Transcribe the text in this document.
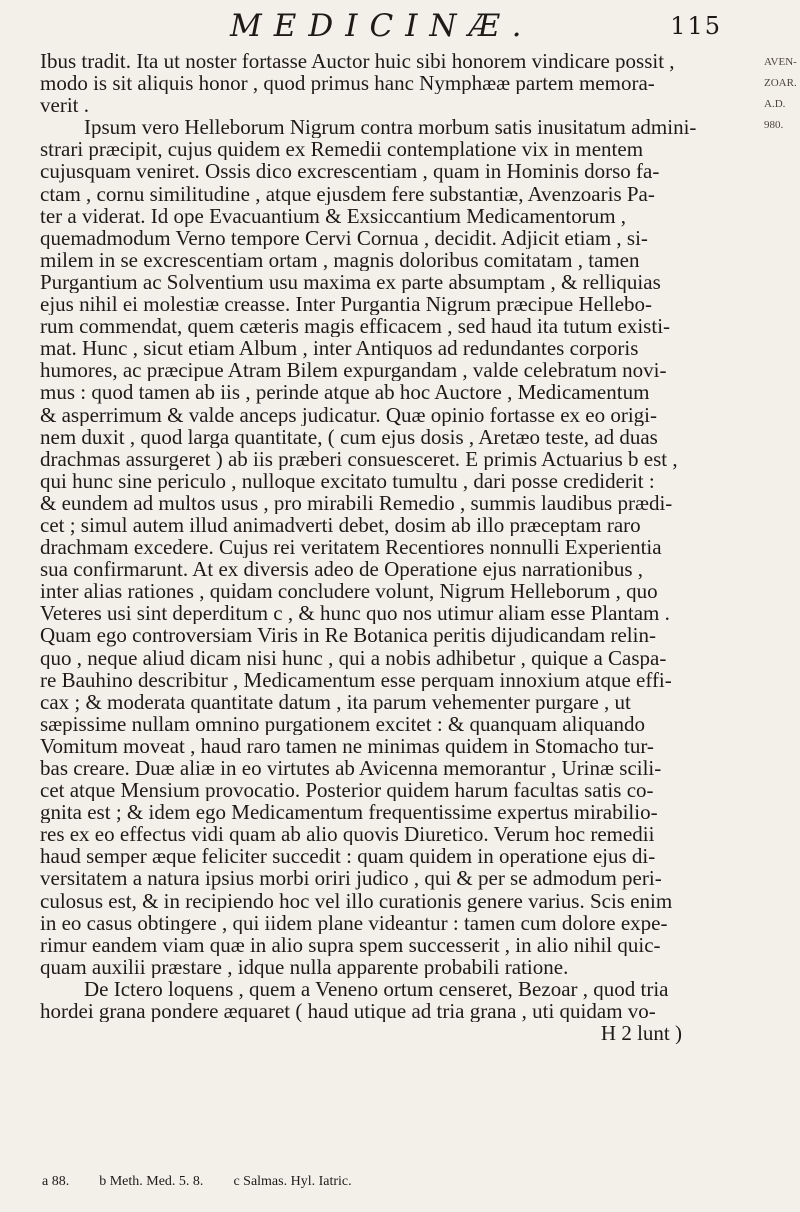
MEDICINÆ.	115
Ibus tradit. Ita ut noster fortasse Auctor huic sibi honorem vindicare possit ,
modo is sit aliquis honor , quod primus hanc Nymphææ partem memora-
verit .
Ipsum vero Helleborum Nigrum contra morbum satis inusitatum admini-
strari præcipit, cujus quidem ex Remedii contemplatione vix in mentem
cujusquam veniret. Ossis dico excrescentiam , quam in Hominis dorso fa-
ctam , cornu similitudine , atque ejusdem fere substantiæ, Avenzoaris Pa-
ter a viderat. Id ope Evacuantium & Exsiccantium Medicamentorum ,
quemadmodum Verno tempore Cervi Cornua , decidit. Adjicit etiam , si-
milem in se excrescentiam ortam , magnis doloribus comitatam , tamen
Purgantium ac Solventium usu maxima ex parte absumptam , & relliquias
ejus nihil ei molestiæ creasse. Inter Purgantia Nigrum præcipue Hellebo-
rum commendat, quem cæteris magis efficacem , sed haud ita tutum existi-
mat. Hunc , sicut etiam Album , inter Antiquos ad redundantes corporis
humores, ac præcipue Atram Bilem expurgandam , valde celebratum novi-
mus : quod tamen ab iis , perinde atque ab hoc Auctore , Medicamentum
& asperrimum & valde anceps judicatur. Quæ opinio fortasse ex eo origi-
nem duxit , quod larga quantitate, ( cum ejus dosis , Aretæo teste, ad duas
drachmas assurgeret ) ab iis præberi consuesceret. E primis Actuarius b est ,
qui hunc sine periculo , nulloque excitato tumultu , dari posse crediderit :
& eundem ad multos usus , pro mirabili Remedio , summis laudibus prædi-
cet ; simul autem illud animadverti debet, dosim ab illo præceptam raro
drachmam excedere. Cujus rei veritatem Recentiores nonnulli Experientia
sua confirmarunt. At ex diversis adeo de Operatione ejus narrationibus ,
inter alias rationes , quidam concludere volunt, Nigrum Helleborum , quo
Veteres usi sint deperditum c , & hunc quo nos utimur aliam esse Plantam .
Quam ego controversiam Viris in Re Botanica peritis dijudicandam relin-
quo , neque aliud dicam nisi hunc , qui a nobis adhibetur , quique a Caspa-
re Bauhino describitur , Medicamentum esse perquam innoxium atque effi-
cax ; & moderata quantitate datum , ita parum vehementer purgare , ut
sæpissime nullam omnino purgationem excitet : & quanquam aliquando
Vomitum moveat , haud raro tamen ne minimas quidem in Stomacho tur-
bas creare. Duæ aliæ in eo virtutes ab Avicenna memorantur , Urinæ scili-
cet atque Mensium provocatio. Posterior quidem harum facultas satis co-
gnita est ; & idem ego Medicamentum frequentissime expertus mirabilio-
res ex eo effectus vidi quam ab alio quovis Diuretico. Verum hoc remedii
haud semper æque feliciter succedit : quam quidem in operatione ejus di-
versitatem a natura ipsius morbi oriri judico , qui & per se admodum peri-
culosus est, & in recipiendo hoc vel illo curationis genere varius. Scis enim
in eo casus obtingere , qui iidem plane videantur : tamen cum dolore expe-
rimur eandem viam quæ in alio supra spem successerit , in alio nihil quic-
quam auxilii præstare , idque nulla apparente probabili ratione.
De Ictero loquens , quem a Veneno ortum censeret, Bezoar , quod tria
hordei grana pondere æquaret ( haud utique ad tria grana , uti quidam vo-
H 2 lunt )
AVEN-
ZOAR.
A.D.
980.
a 88. b Meth. Med. 5. 8. c Salmas. Hyl. Iatric.
